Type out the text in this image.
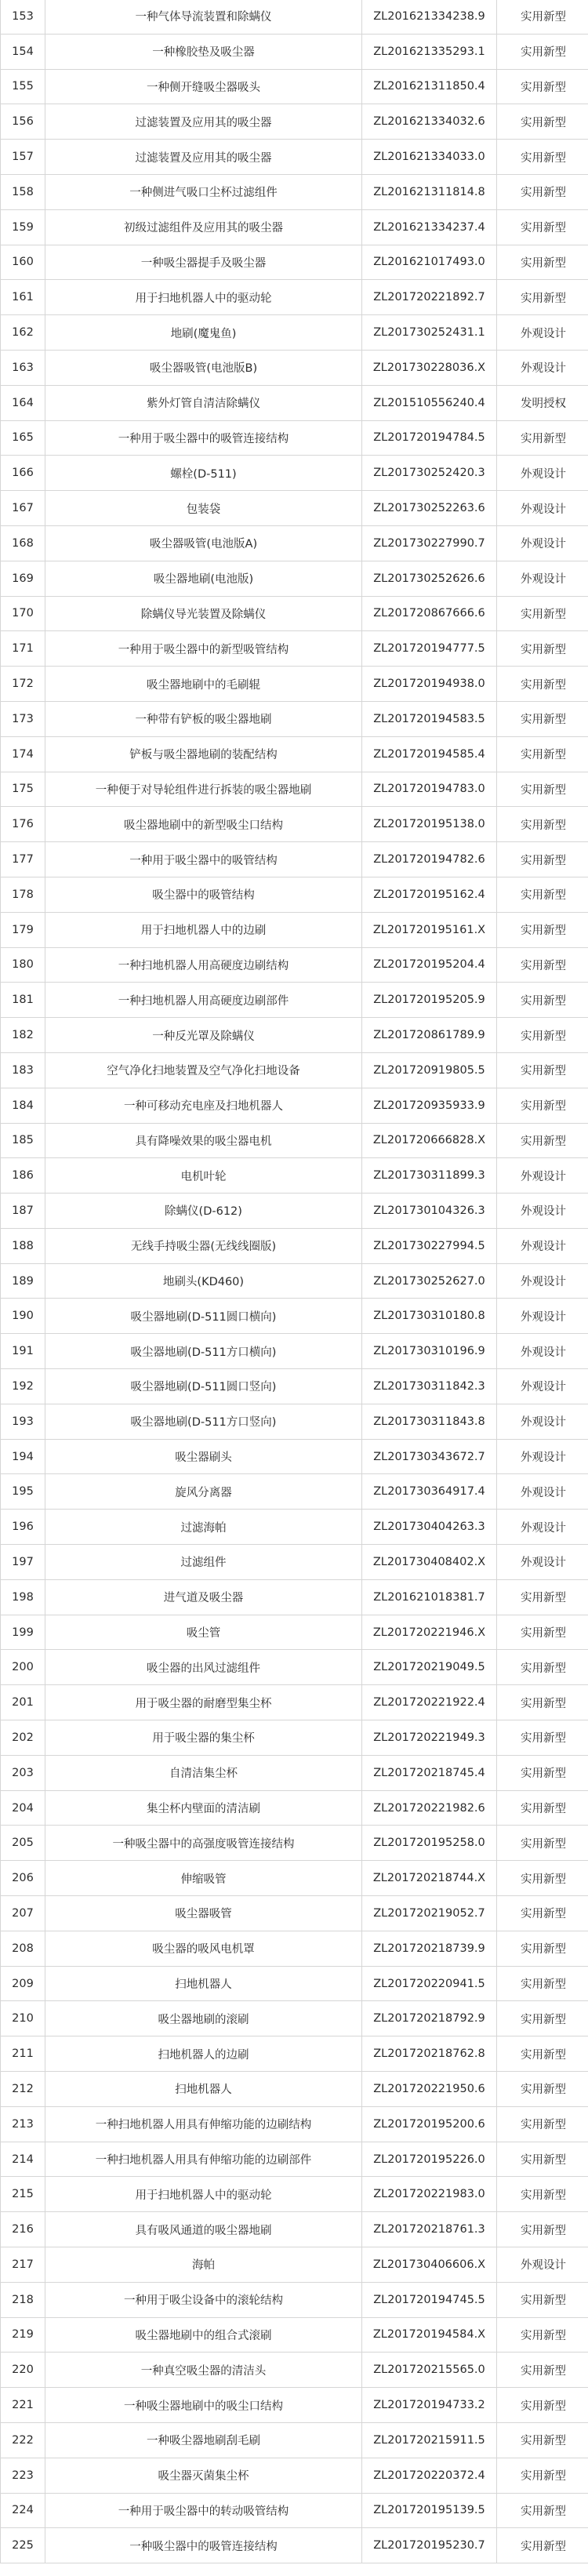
153	一种气体导流装置和除螨仪	ZL201621334238.9	实用新型
154	一种橡胶垫及吸尘器	ZL201621335293.1	实用新型
155	一种侧开缝吸尘器吸头	ZL201621311850.4	实用新型
156	过滤装置及应用其的吸尘器	ZL201621334032.6	实用新型
157	过滤装置及应用其的吸尘器	ZL201621334033.0	实用新型
158	一种侧进气吸口尘杯过滤组件	ZL201621311814.8	实用新型
159	初级过滤组件及应用其的吸尘器	ZL201621334237.4	实用新型
160	一种吸尘器提手及吸尘器	ZL201621017493.0	实用新型
161	用于扫地机器人中的驱动轮	ZL201720221892.7	实用新型
162	地刷(魔鬼鱼)	ZL201730252431.1	外观设计
163	吸尘器吸管(电池版B)	ZL201730228036.X	外观设计
164	紫外灯管自清洁除螨仪	ZL201510556240.4	发明授权
165	一种用于吸尘器中的吸管连接结构	ZL201720194784.5	实用新型
166	螺栓(D-511)	ZL201730252420.3	外观设计
167	包装袋	ZL201730252263.6	外观设计
168	吸尘器吸管(电池版A)	ZL201730227990.7	外观设计
169	吸尘器地刷(电池版)	ZL201730252626.6	外观设计
170	除螨仪导光装置及除螨仪	ZL201720867666.6	实用新型
171	一种用于吸尘器中的新型吸管结构	ZL201720194777.5	实用新型
172	吸尘器地刷中的毛刷辊	ZL201720194938.0	实用新型
173	一种带有铲板的吸尘器地刷	ZL201720194583.5	实用新型
174	铲板与吸尘器地刷的装配结构	ZL201720194585.4	实用新型
175	一种便于对导轮组件进行拆装的吸尘器地刷	ZL201720194783.0	实用新型
176	吸尘器地刷中的新型吸尘口结构	ZL201720195138.0	实用新型
177	一种用于吸尘器中的吸管结构	ZL201720194782.6	实用新型
178	吸尘器中的吸管结构	ZL201720195162.4	实用新型
179	用于扫地机器人中的边刷	ZL201720195161.X	实用新型
180	一种扫地机器人用高硬度边刷结构	ZL201720195204.4	实用新型
181	一种扫地机器人用高硬度边刷部件	ZL201720195205.9	实用新型
182	一种反光罩及除螨仪	ZL201720861789.9	实用新型
183	空气净化扫地装置及空气净化扫地设备	ZL201720919805.5	实用新型
184	一种可移动充电座及扫地机器人	ZL201720935933.9	实用新型
185	具有降噪效果的吸尘器电机	ZL201720666828.X	实用新型
186	电机叶轮	ZL201730311899.3	外观设计
187	除螨仪(D-612)	ZL201730104326.3	外观设计
188	无线手持吸尘器(无线线圈版)	ZL201730227994.5	外观设计
189	地刷头(KD460)	ZL201730252627.0	外观设计
190	吸尘器地刷(D-511圆口横向)	ZL201730310180.8	外观设计
191	吸尘器地刷(D-511方口横向)	ZL201730310196.9	外观设计
192	吸尘器地刷(D-511圆口竖向)	ZL201730311842.3	外观设计
193	吸尘器地刷(D-511方口竖向)	ZL201730311843.8	外观设计
194	吸尘器刷头	ZL201730343672.7	外观设计
195	旋风分离器	ZL201730364917.4	外观设计
196	过滤海帕	ZL201730404263.3	外观设计
197	过滤组件	ZL201730408402.X	外观设计
198	进气道及吸尘器	ZL201621018381.7	实用新型
199	吸尘管	ZL201720221946.X	实用新型
200	吸尘器的出风过滤组件	ZL201720219049.5	实用新型
201	用于吸尘器的耐磨型集尘杯	ZL201720221922.4	实用新型
202	用于吸尘器的集尘杯	ZL201720221949.3	实用新型
203	自清洁集尘杯	ZL201720218745.4	实用新型
204	集尘杯内壁面的清洁刷	ZL201720221982.6	实用新型
205	一种吸尘器中的高强度吸管连接结构	ZL201720195258.0	实用新型
206	伸缩吸管	ZL201720218744.X	实用新型
207	吸尘器吸管	ZL201720219052.7	实用新型
208	吸尘器的吸风电机罩	ZL201720218739.9	实用新型
209	扫地机器人	ZL201720220941.5	实用新型
210	吸尘器地刷的滚刷	ZL201720218792.9	实用新型
211	扫地机器人的边刷	ZL201720218762.8	实用新型
212	扫地机器人	ZL201720221950.6	实用新型
213	一种扫地机器人用具有伸缩功能的边刷结构	ZL201720195200.6	实用新型
214	一种扫地机器人用具有伸缩功能的边刷部件	ZL201720195226.0	实用新型
215	用于扫地机器人中的驱动轮	ZL201720221983.0	实用新型
216	具有吸风通道的吸尘器地刷	ZL201720218761.3	实用新型
217	海帕	ZL201730406606.X	外观设计
218	一种用于吸尘设备中的滚轮结构	ZL201720194745.5	实用新型
219	吸尘器地刷中的组合式滚刷	ZL201720194584.X	实用新型
220	一种真空吸尘器的清洁头	ZL201720215565.0	实用新型
221	一种吸尘器地刷中的吸尘口结构	ZL201720194733.2	实用新型
222	一种吸尘器地刷刮毛刷	ZL201720215911.5	实用新型
223	吸尘器灭菌集尘杯	ZL201720220372.4	实用新型
224	一种用于吸尘器中的转动吸管结构	ZL201720195139.5	实用新型
225	一种吸尘器中的吸管连接结构	ZL201720195230.7	实用新型
